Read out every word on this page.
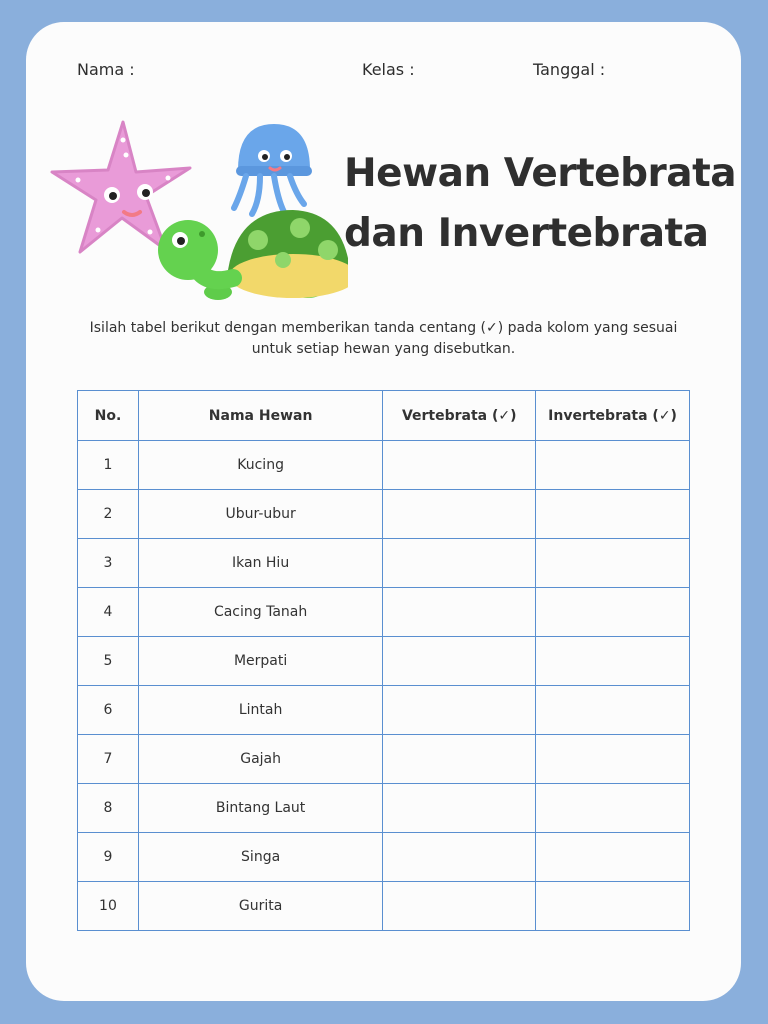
Nama :	Kelas :	Tanggal :
Hewan Vertebrata
dan Invertebrata
Isilah tabel berikut dengan memberikan tanda centang (✓) pada kolom yang sesuai
untuk setiap hewan yang disebutkan.
No.	Nama Hewan	Vertebrata (✓)	Invertebrata (✓)
1	Kucing		
2	Ubur-ubur		
3	Ikan Hiu		
4	Cacing Tanah		
5	Merpati		
6	Lintah		
7	Gajah		
8	Bintang Laut		
9	Singa		
10	Gurita		
